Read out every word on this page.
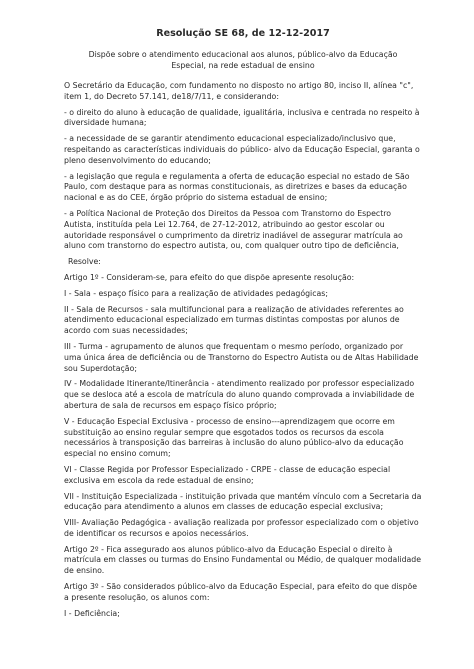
Resolução SE 68, de 12-12-2017
Dispõe sobre o atendimento educacional aos alunos, público-alvo da Educação Especial, na rede estadual de ensino

O Secretário da Educação, com fundamento no disposto no artigo 80, inciso II, alínea "c", item 1, do Decreto 57.141, de18/7/11, e considerando:

- o direito do aluno à educação de qualidade, igualitária, inclusiva e centrada no respeito à diversidade humana;

- a necessidade de se garantir atendimento educacional especializado/inclusivo que, respeitando as características individuais do público- alvo da Educação Especial, garanta o pleno desenvolvimento do educando;

- a legislação que regula e regulamenta a oferta de educação especial no estado de São Paulo, com destaque para as normas constitucionais, as diretrizes e bases da educação nacional e as do CEE, órgão próprio do sistema estadual de ensino;

- a Política Nacional de Proteção dos Direitos da Pessoa com Transtorno do Espectro Autista, instituída pela Lei 12.764, de 27-12-2012, atribuindo ao gestor escolar ou autoridade responsável o cumprimento da diretriz inadiável de assegurar matrícula ao aluno com transtorno do espectro autista, ou, com qualquer outro tipo de deficiência,

Resolve:

Artigo 1º - Consideram-se, para efeito do que dispõe apresente resolução:

I - Sala - espaço físico para a realização de atividades pedagógicas;

II - Sala de Recursos - sala multifuncional para a realização de atividades referentes ao atendimento educacional especializado em turmas distintas compostas por alunos de acordo com suas necessidades;

III - Turma - agrupamento de alunos que frequentam o mesmo período, organizado por uma única área de deficiência ou de Transtorno do Espectro Autista ou de Altas Habilidade sou Superdotação;

IV - Modalidade Itinerante/Itinerância - atendimento realizado por professor especializado que se desloca até a escola de matrícula do aluno quando comprovada a inviabilidade de abertura de sala de recursos em espaço físico próprio;

V - Educação Especial Exclusiva - processo de ensino---aprendizagem que ocorre em substituição ao ensino regular sempre que esgotados todos os recursos da escola necessários à transposição das barreiras à inclusão do aluno público-alvo da educação especial no ensino comum;

VI - Classe Regida por Professor Especializado - CRPE - classe de educação especial exclusiva em escola da rede estadual de ensino;

VII - Instituição Especializada - instituição privada que mantém vínculo com a Secretaria da educação para atendimento a alunos em classes de educação especial exclusiva;

VIII- Avaliação Pedagógica - avaliação realizada por professor especializado com o objetivo de identificar os recursos e apoios necessários.

Artigo 2º - Fica assegurado aos alunos público-alvo da Educação Especial o direito à matrícula em classes ou turmas do Ensino Fundamental ou Médio, de qualquer modalidade de ensino.

Artigo 3º - São considerados público-alvo da Educação Especial, para efeito do que dispõe a presente resolução, os alunos com:

I - Deficiência;
